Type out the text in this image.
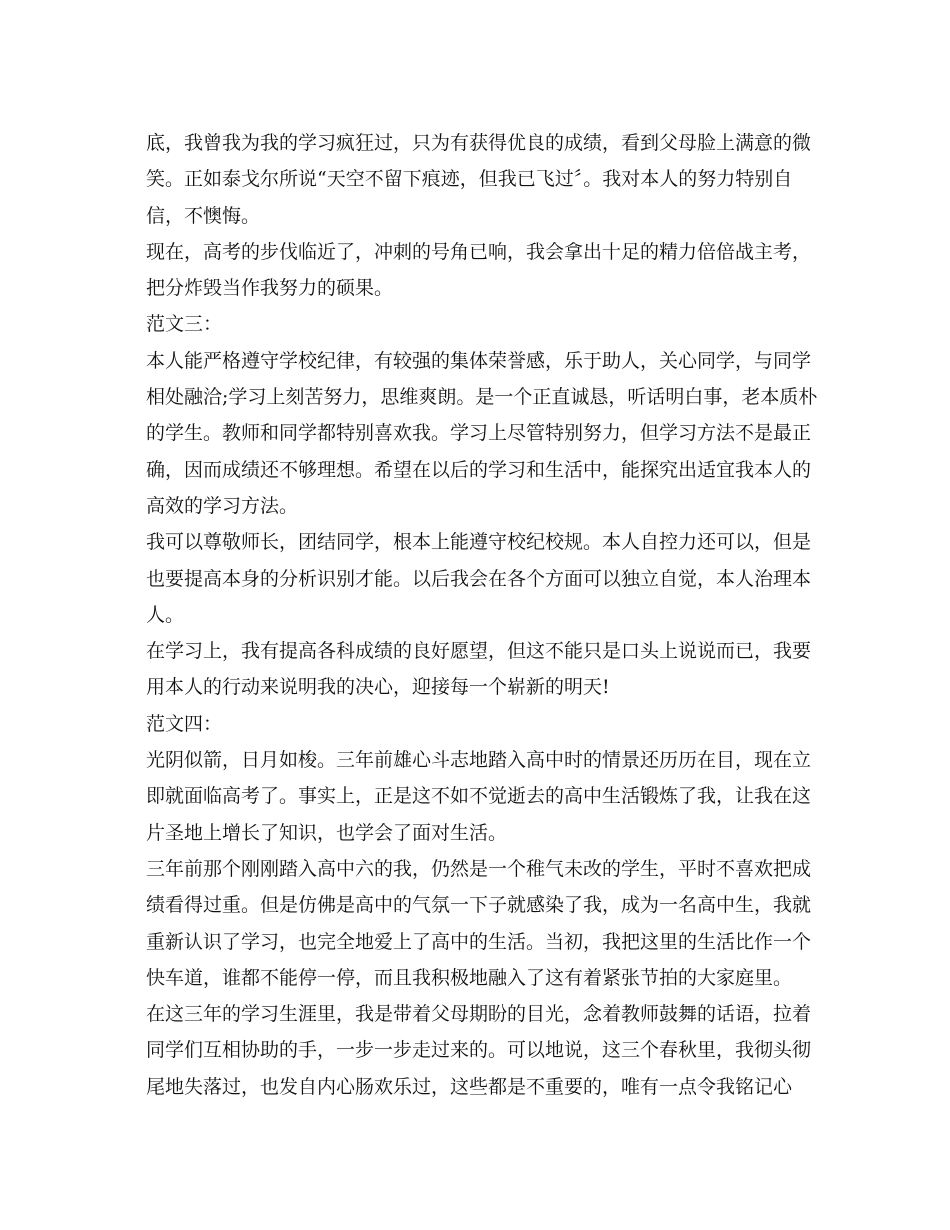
底，我曾我为我的学习疯狂过，只为有获得优良的成绩，看到父母脸上满意的微
笑。正如泰戈尔所说“天空不留下痕迹，但我已飞过〞。我对本人的努力特别自
信，不懊悔。
现在，高考的步伐临近了，冲刺的号角已响，我会拿出十足的精力倍倍战主考，
把分炸毁当作我努力的硕果。
范文三：
本人能严格遵守学校纪律，有较强的集体荣誉感，乐于助人，关心同学，与同学
相处融洽;学习上刻苦努力，思维爽朗。是一个正直诚恳，听话明白事，老本质朴
的学生。教师和同学都特别喜欢我。学习上尽管特别努力，但学习方法不是最正
确，因而成绩还不够理想。希望在以后的学习和生活中，能探究出适宜我本人的
高效的学习方法。
我可以尊敬师长，团结同学，根本上能遵守校纪校规。本人自控力还可以，但是
也要提高本身的分析识别才能。以后我会在各个方面可以独立自觉，本人治理本
人。
在学习上，我有提高各科成绩的良好愿望，但这不能只是口头上说说而已，我要
用本人的行动来说明我的决心，迎接每一个崭新的明天!
范文四：
光阴似箭，日月如梭。三年前雄心斗志地踏入高中时的情景还历历在目，现在立
即就面临高考了。事实上，正是这不如不觉逝去的高中生活锻炼了我，让我在这
片圣地上增长了知识，也学会了面对生活。
三年前那个刚刚踏入高中六的我，仍然是一个稚气未改的学生，平时不喜欢把成
绩看得过重。但是仿佛是高中的气氛一下子就感染了我，成为一名高中生，我就
重新认识了学习，也完全地爱上了高中的生活。当初，我把这里的生活比作一个
快车道，谁都不能停一停，而且我积极地融入了这有着紧张节拍的大家庭里。
在这三年的学习生涯里，我是带着父母期盼的目光，念着教师鼓舞的话语，拉着
同学们互相协助的手，一步一步走过来的。可以地说，这三个春秋里，我彻头彻
尾地失落过，也发自内心肠欢乐过，这些都是不重要的，唯有一点令我铭记心
